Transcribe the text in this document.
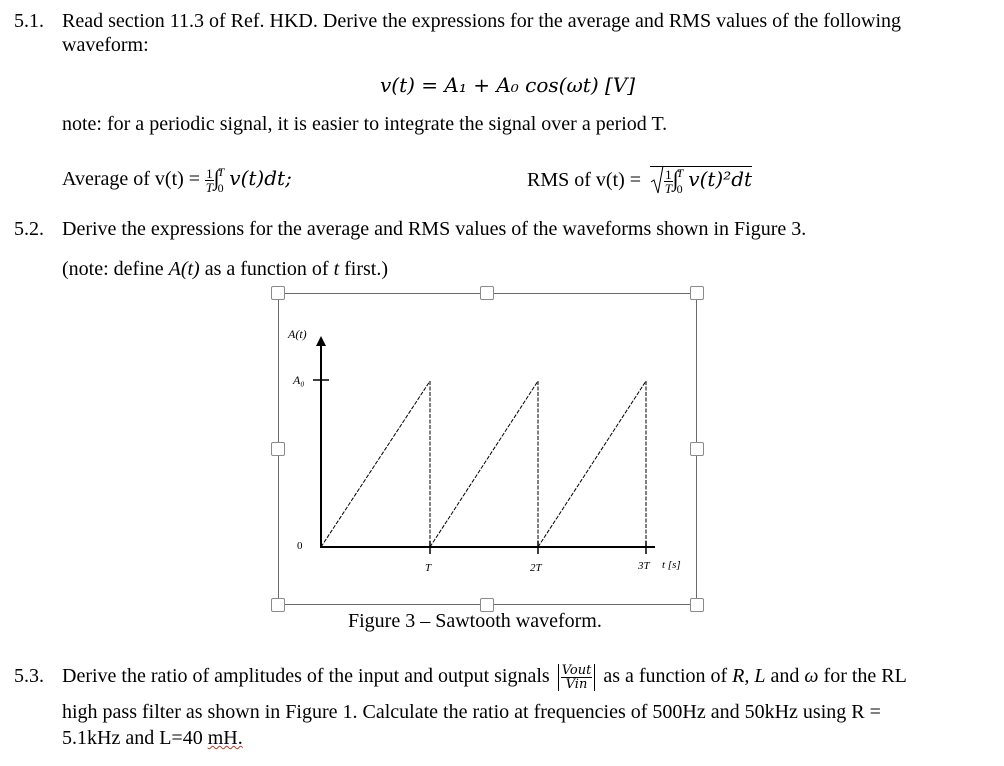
5.1. Read section 11.3 of Ref. HKD. Derive the expressions for the average and RMS values of the following
waveform:
v(t) = A₁ + A₀ cos(ωt) [V]
note: for a periodic signal, it is easier to integrate the signal over a period T.
Average of $v(t) = \frac{1}{T}$ ∫
T
0 v(t)dt;	RMS of $v(t) = \frac{1}{T}$ ∫
T
0 v(t)²dt
5.2. Derive the expressions for the average and RMS values of the waveforms shown in Figure 3.
(note: define A(t) as a function of t first.)
A(t)
A₀
0
T	2T	3T t [s]
Figure 3 – Sawtooth waveform.
5.3. Derive the ratio of amplitudes of the input and output signals $\frac{\text{Vout}}{\text{Vin}}$ as a function of R, L and ω for the RL
high pass filter as shown in Figure 1. Calculate the ratio at frequencies of 500Hz and 50kHz using R =
5.1kHz and L=40 mH.
